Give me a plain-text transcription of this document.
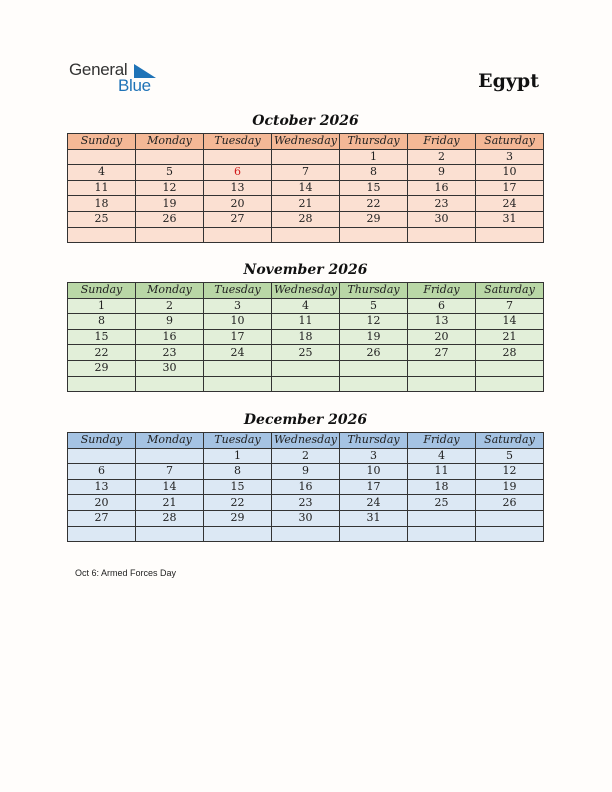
General
Blue	Egypt
October 2026
Sunday	Monday	Tuesday	Wednesday	Thursday	Friday	Saturday
				1	2	3
4	5	6	7	8	9	10
11	12	13	14	15	16	17
18	19	20	21	22	23	24
25	26	27	28	29	30	31

November 2026
Sunday	Monday	Tuesday	Wednesday	Thursday	Friday	Saturday
1	2	3	4	5	6	7
8	9	10	11	12	13	14
15	16	17	18	19	20	21
22	23	24	25	26	27	28
29	30					

December 2026
Sunday	Monday	Tuesday	Wednesday	Thursday	Friday	Saturday
		1	2	3	4	5
6	7	8	9	10	11	12
13	14	15	16	17	18	19
20	21	22	23	24	25	26
27	28	29	30	31		

Oct 6: Armed Forces Day
